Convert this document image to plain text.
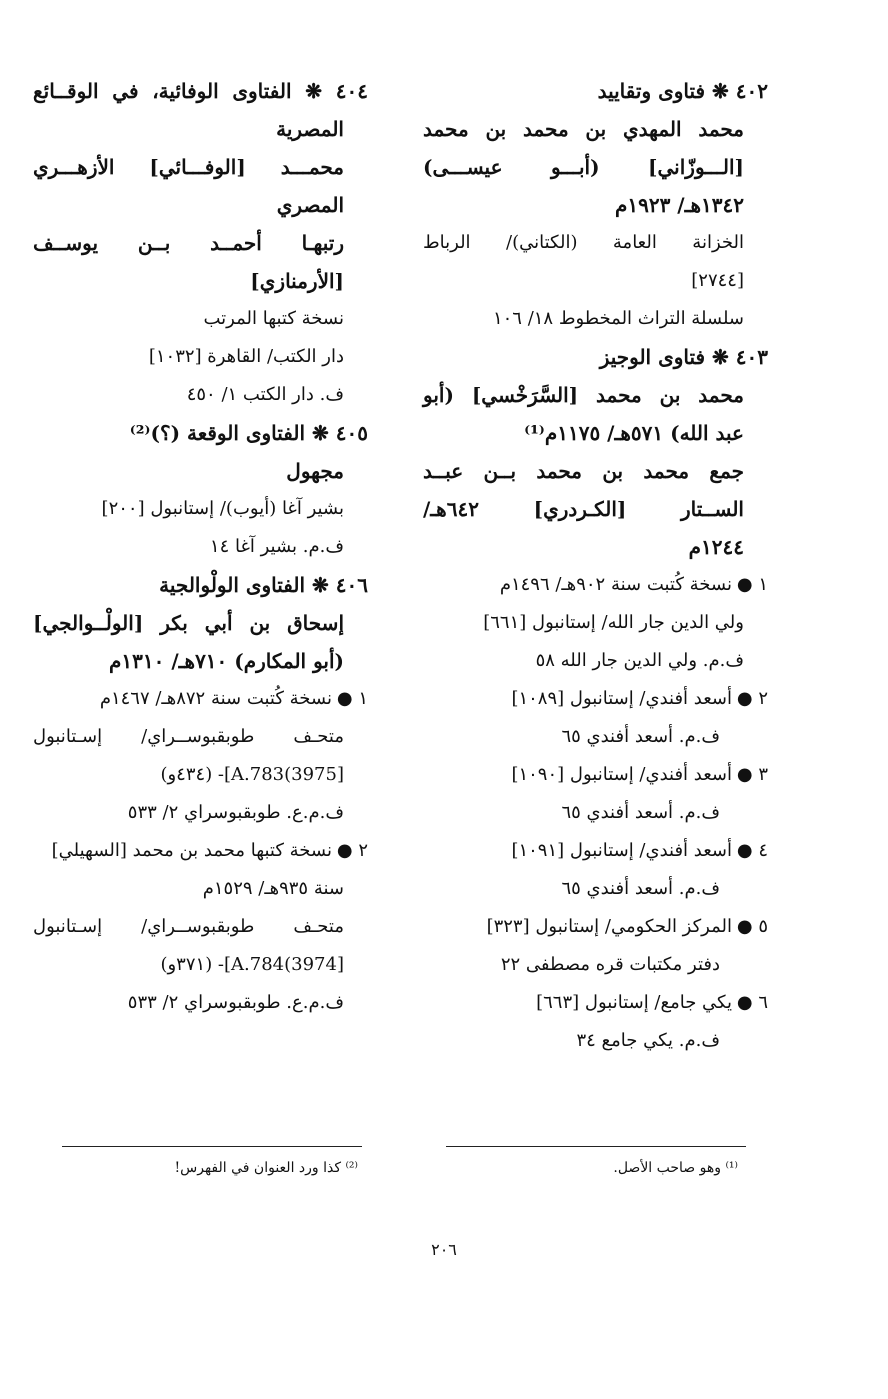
٤٠٢ ❋ فتاوى وتقاييد
محمد المهدي بن محمد بن محمد
[الـــوزّاني] (أبـــو عيســـى)
١٣٤٢هـ/ ١٩٢٣م
الخزانة العامة (الكتاني)/ الرباط
[٢٧٤٤]
سلسلة التراث المخطوط ١٨/ ١٠٦
٤٠٣ ❋ فتاوى الوجيز
محمد بن محمد [السَّرَخْسي] (أبو
عبد الله) ٥٧١هـ/ ١١٧٥م⁽¹⁾
جمع محمد بن محمد بــن عبــد
الســتار [الكـردري] ٦٤٢هـ/
١٢٤٤م
١ ●
نسخة كُتبت سنة ٩٠٢هـ/ ١٤٩٦م
ولي الدين جار الله/ إستانبول [٦٦١]
ف.م. ولي الدين جار الله ٥٨
٢ ●
أسعد أفندي/ إستانبول [١٠٨٩]
ف.م. أسعد أفندي ٦٥
٣ ●
أسعد أفندي/ إستانبول [١٠٩٠]
ف.م. أسعد أفندي ٦٥
٤ ●
أسعد أفندي/ إستانبول [١٠٩١]
ف.م. أسعد أفندي ٦٥
٥ ●
المركز الحكومي/ إستانبول [٣٢٣]
دفتر مكتبات قره مصطفى ٢٢
٦ ●
يكي جامع/ إستانبول [٦٦٣]
ف.م. يكي جامع ٣٤
٤٠٤ ❋ الفتاوى الوفائية، في الوقــائع
المصرية
محمـــد [الوفـــائي] الأزهـــري
المصري
رتبهـا أحمــد بــن يوســف
[الأرمنازي]
نسخة كتبها المرتب
دار الكتب/ القاهرة [١٠٣٢]
ف. دار الكتب ١/ ٤٥٠
٤٠٥ ❋ الفتاوى الوقعة (؟)⁽²⁾
مجهول
بشير آغا (أيوب)/ إستانبول [٢٠٠]
ف.م. بشير آغا ١٤
٤٠٦ ❋ الفتاوى الولْوالجية
إسحاق بن أبي بكر [الولْــوالجي]
(أبو المكارم) ٧١٠هـ/ ١٣١٠م
١ ●
نسخة كُتبت سنة ٨٧٢هـ/ ١٤٦٧م
متحـف طوبقبوســراي/ إسـتانبول
[3975)A.783]- (٤٣٤و)
ف.م.ع. طوبقبوسراي ٢/ ٥٣٣
٢ ●
نسخة كتبها محمد بن محمد [السهيلي]
سنة ٩٣٥هـ/ ١٥٢٩م
متحـف طوبقبوســراي/ إسـتانبول
[3974)A.784]- (٣٧١و)
ف.م.ع. طوبقبوسراي ٢/ ٥٣٣
⁽¹⁾ وهو صاحب الأصل.
⁽²⁾ كذا ورد العنوان في الفهرس!
٢٠٦
